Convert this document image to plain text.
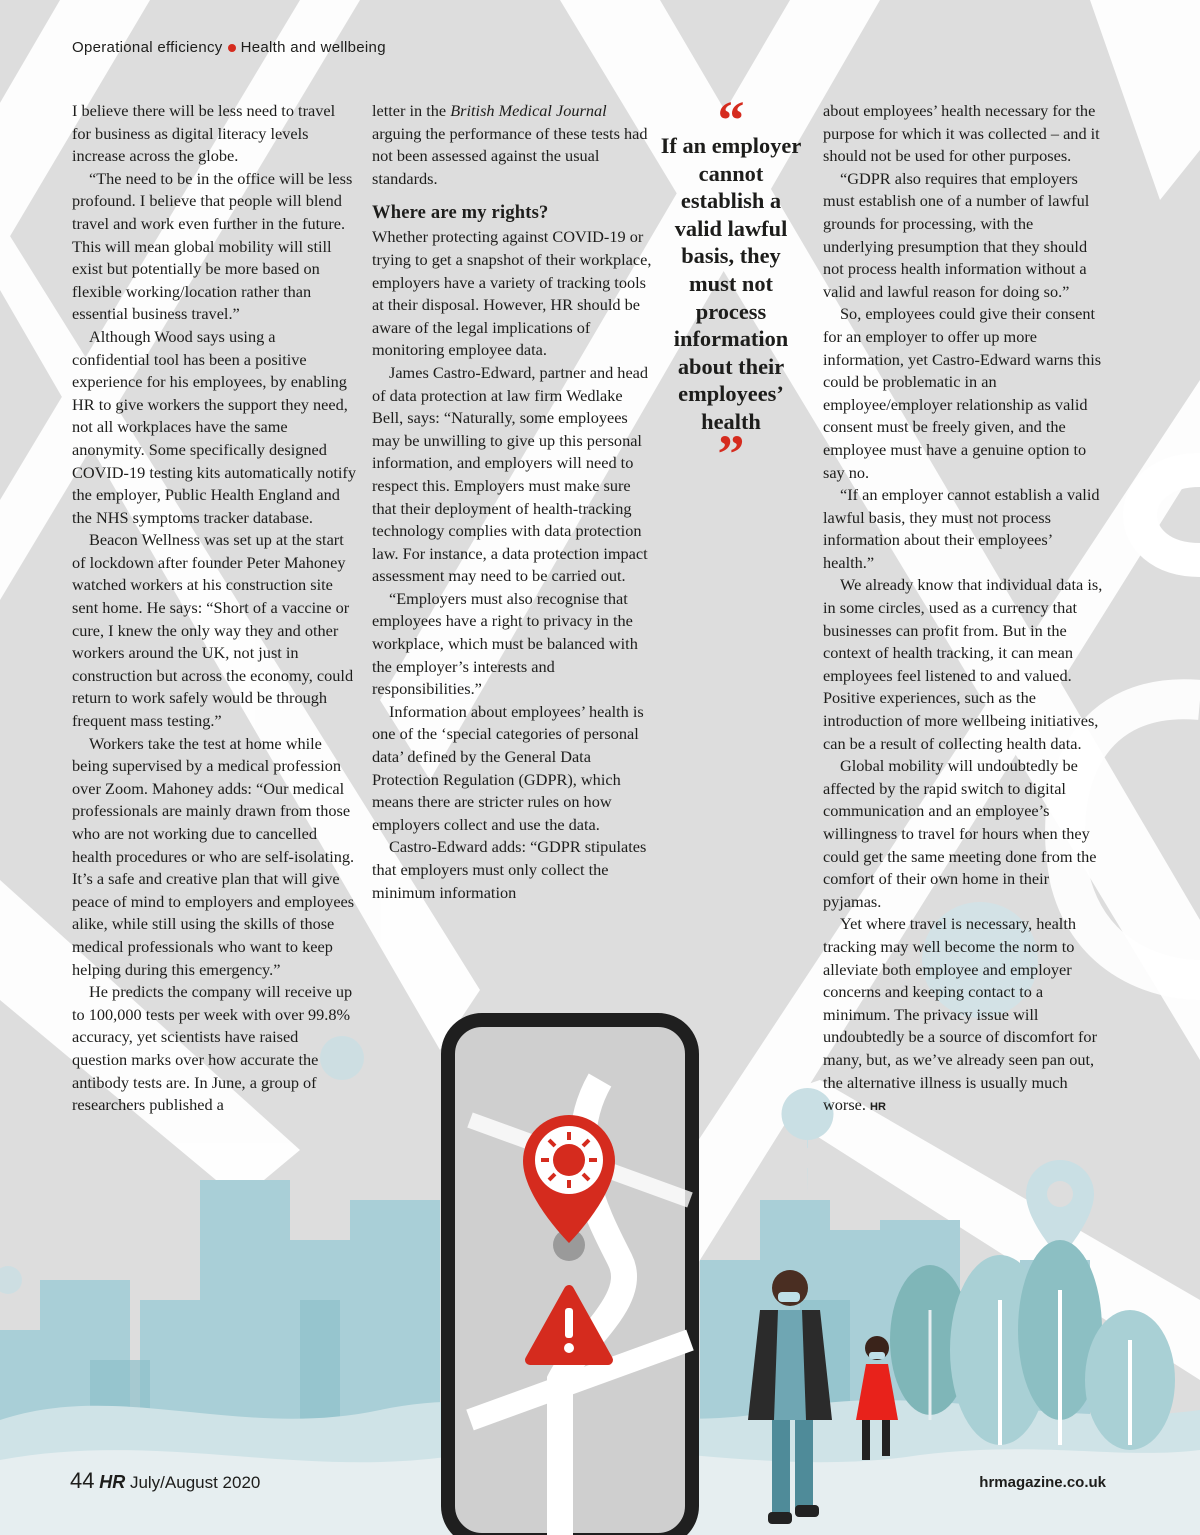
Operational efficiency Health and wellbeing

I believe there will be less need to travel for business as digital literacy levels increase across the globe.

“The need to be in the office will be less profound. I believe that people will blend travel and work even further in the future. This will mean global mobility will still exist but potentially be more based on flexible working/location rather than essential business travel.”

Although Wood says using a confidential tool has been a positive experience for his employees, by enabling HR to give workers the support they need, not all workplaces have the same anonymity. Some specifically designed COVID-19 testing kits automatically notify the employer, Public Health England and the NHS symptoms tracker database.

Beacon Wellness was set up at the start of lockdown after founder Peter Mahoney watched workers at his construction site sent home. He says: “Short of a vaccine or cure, I knew the only way they and other workers around the UK, not just in construction but across the economy, could return to work safely would be through frequent mass testing.”

Workers take the test at home while being supervised by a medical profession over Zoom. Mahoney adds: “Our medical professionals are mainly drawn from those who are not working due to cancelled health procedures or who are self-isolating. It’s a safe and creative plan that will give peace of mind to employers and employees alike, while still using the skills of those medical professionals who want to keep helping during this emergency.”

He predicts the company will receive up to 100,000 tests per week with over 99.8% accuracy, yet scientists have raised question marks over how accurate the antibody tests are. In June, a group of researchers published a

letter in the British Medical Journal arguing the performance of these tests had not been assessed against the usual standards.

Where are my rights?

Whether protecting against COVID-19 or trying to get a snapshot of their workplace, employers have a variety of tracking tools at their disposal. However, HR should be aware of the legal implications of monitoring employee data.

James Castro-Edward, partner and head of data protection at law firm Wedlake Bell, says: “Naturally, some employees may be unwilling to give up this personal information, and employers will need to respect this. Employers must make sure that their deployment of health-tracking technology complies with data protection law. For instance, a data protection impact assessment may need to be carried out.

“Employers must also recognise that employees have a right to privacy in the workplace, which must be balanced with the employer’s interests and responsibilities.”

Information about employees’ health is one of the ‘special categories of personal data’ defined by the General Data Protection Regulation (GDPR), which means there are stricter rules on how employers collect and use the data.

Castro-Edward adds: “GDPR stipulates that employers must only collect the minimum information

“
If an employer cannot establish a valid lawful basis, they must not process information about their employees’ health
”

about employees’ health necessary for the purpose for which it was collected – and it should not be used for other purposes.

“GDPR also requires that employers must establish one of a number of lawful grounds for processing, with the underlying presumption that they should not process health information without a valid and lawful reason for doing so.”

So, employees could give their consent for an employer to offer up more information, yet Castro-Edward warns this could be problematic in an employee/employer relationship as valid consent must be freely given, and the employee must have a genuine option to say no.

“If an employer cannot establish a valid lawful basis, they must not process information about their employees’ health.”

We already know that individual data is, in some circles, used as a currency that businesses can profit from. But in the context of health tracking, it can mean employees feel listened to and valued. Positive experiences, such as the introduction of more wellbeing initiatives, can be a result of collecting health data.

Global mobility will undoubtedly be affected by the rapid switch to digital communication and an employee’s willingness to travel for hours when they could get the same meeting done from the comfort of their own home in their pyjamas.

Yet where travel is necessary, health tracking may well become the norm to alleviate both employee and employer concerns and keeping contact to a minimum. The privacy issue will undoubtedly be a source of discomfort for many, but, as we’ve already seen pan out, the alternative illness is usually much worse. HR

44 HR July/August 2020	hrmagazine.co.uk
